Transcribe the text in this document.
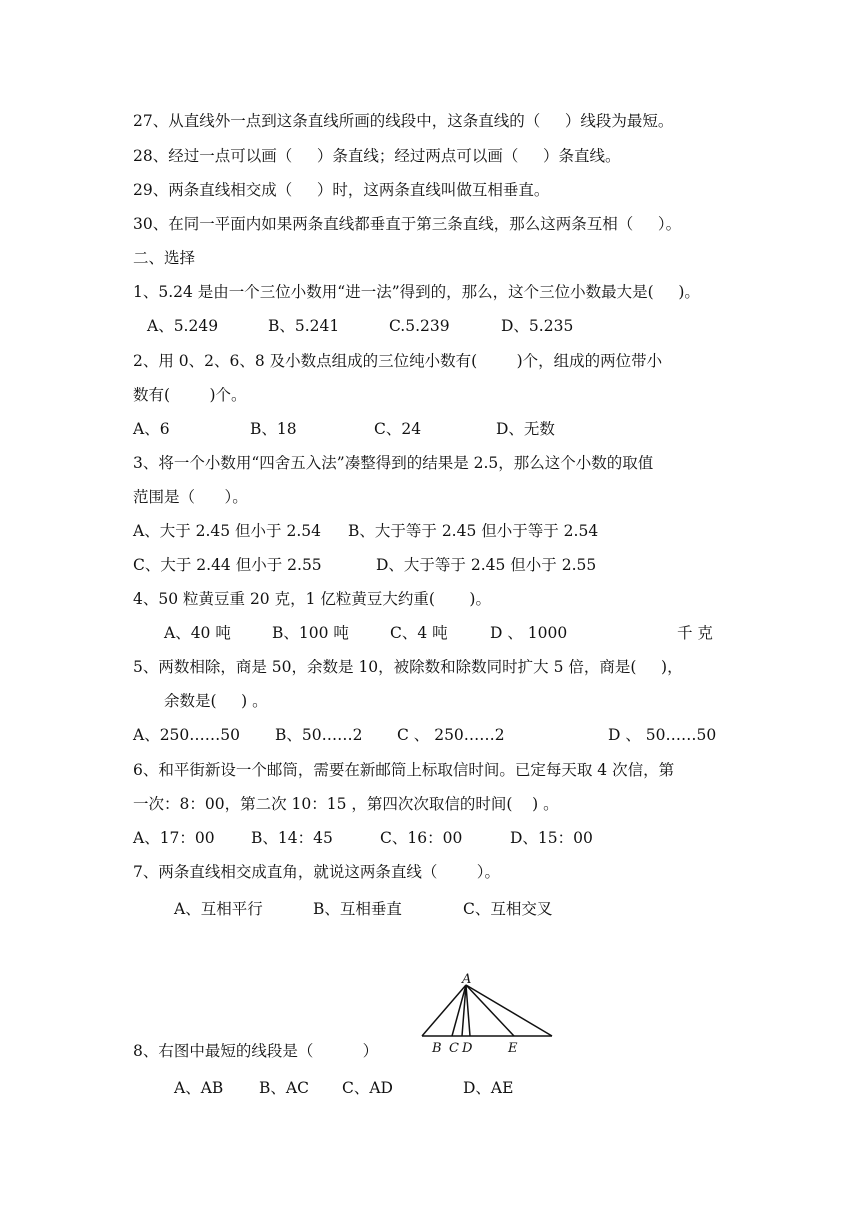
27、从直线外一点到这条直线所画的线段中，这条直线的（     ）线段为最短。
28、经过一点可以画（     ）条直线；经过两点可以画（     ）条直线。
29、两条直线相交成（     ）时，这两条直线叫做互相垂直。
30、在同一平面内如果两条直线都垂直于第三条直线，那么这两条互相（     ）。
二、选择
1、5.24 是由一个三位小数用“进一法”得到的，那么，这个三位小数最大是(     )。
A、5.249	B、5.241	C.5.239	D、5.235
2、用 0、2、6、8 及小数点组成的三位纯小数有(        )个，组成的两位带小
数有(        )个。
A、6	B、18	C、24	D、无数
3、将一个小数用“四舍五入法”凑整得到的结果是 2.5，那么这个小数的取值
范围是（      ）。
A、大于 2.45 但小于 2.54 B、大于等于 2.45 但小于等于 2.54
C、大于 2.44 但小于 2.55	D、大于等于 2.45 但小于 2.55
4、50 粒黄豆重 20 克，1 亿粒黄豆大约重(       )。
A、40 吨	B、100 吨	C、4 吨	D 、 1000	千 克
5、两数相除，商是 50，余数是 10，被除数和除数同时扩大 5 倍，商是(     )，
余数是(     ) 。
A、250……50 B、50……2 C 、 250……2	D 、 50……50
6、和平街新设一个邮筒，需要在新邮筒上标取信时间。已定每天取 4 次信，第
一次：8：00，第二次 10：15 ，第四次次取信的时间(    ) 。
A、17：00 B、14：45	C、16：00	D、15：00
7、两条直线相交成直角，就说这两条直线（        ）。
A、互相平行	B、互相垂直	C、互相交叉
8、右图中最短的线段是（          ）
A、AB B、AC C、AD	D、AE
A
B C D	E
